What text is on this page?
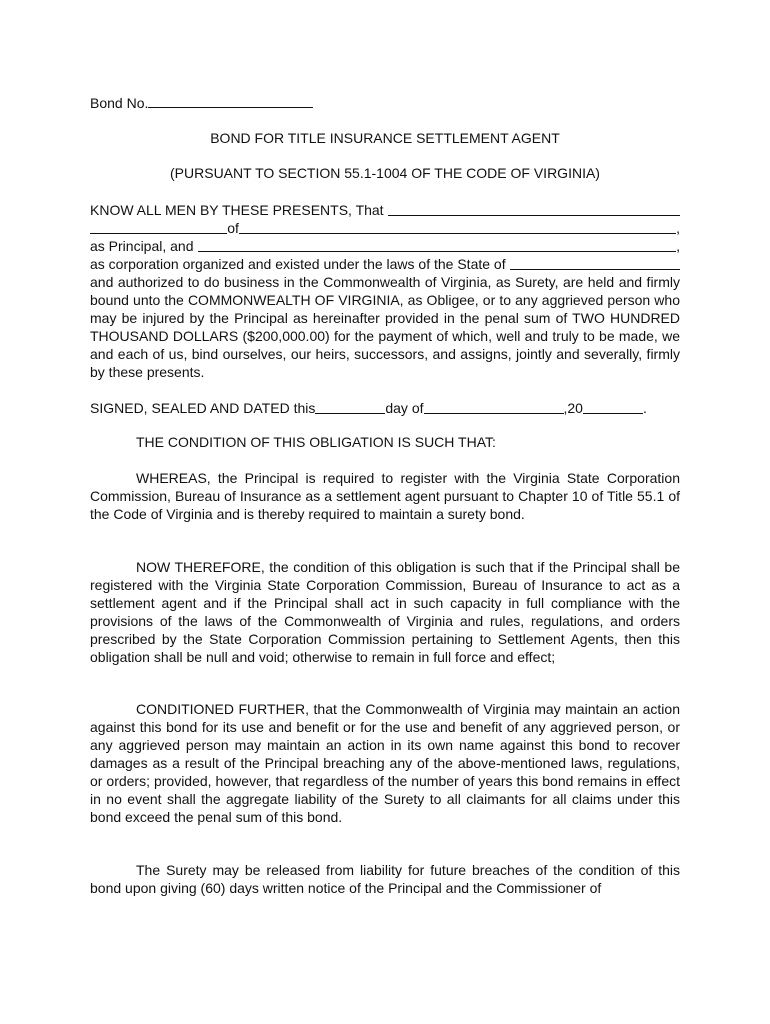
Bond No.
BOND FOR TITLE INSURANCE SETTLEMENT AGENT
(PURSUANT TO SECTION 55.1-1004 OF THE CODE OF VIRGINIA)
KNOW ALL MEN BY THESE PRESENTS, That
of	,
as Principal, and	,
as corporation organized and existed under the laws of the State of
and authorized to do business in the Commonwealth of Virginia, as Surety, are held and firmly bound unto the COMMONWEALTH OF VIRGINIA, as Obligee, or to any aggrieved person who may be injured by the Principal as hereinafter provided in the penal sum of TWO HUNDRED THOUSAND DOLLARS ($200,000.00) for the payment of which, well and truly to be made, we and each of us, bind ourselves, our heirs, successors, and assigns, jointly and severally, firmly by these presents.
SIGNED, SEALED AND DATED this	day of	,20	.
THE CONDITION OF THIS OBLIGATION IS SUCH THAT:
WHEREAS, the Principal is required to register with the Virginia State Corporation Commission, Bureau of Insurance as a settlement agent pursuant to Chapter 10 of Title 55.1 of the Code of Virginia and is thereby required to maintain a surety bond.
NOW THEREFORE, the condition of this obligation is such that if the Principal shall be registered with the Virginia State Corporation Commission, Bureau of Insurance to act as a settlement agent and if the Principal shall act in such capacity in full compliance with the provisions of the laws of the Commonwealth of Virginia and rules, regulations, and orders prescribed by the State Corporation Commission pertaining to Settlement Agents, then this obligation shall be null and void; otherwise to remain in full force and effect;
CONDITIONED FURTHER, that the Commonwealth of Virginia may maintain an action against this bond for its use and benefit or for the use and benefit of any aggrieved person, or any aggrieved person may maintain an action in its own name against this bond to recover damages as a result of the Principal breaching any of the above-mentioned laws, regulations, or orders; provided, however, that regardless of the number of years this bond remains in effect in no event shall the aggregate liability of the Surety to all claimants for all claims under this bond exceed the penal sum of this bond.
The Surety may be released from liability for future breaches of the condition of this bond upon giving (60) days written notice of the Principal and the Commissioner of
